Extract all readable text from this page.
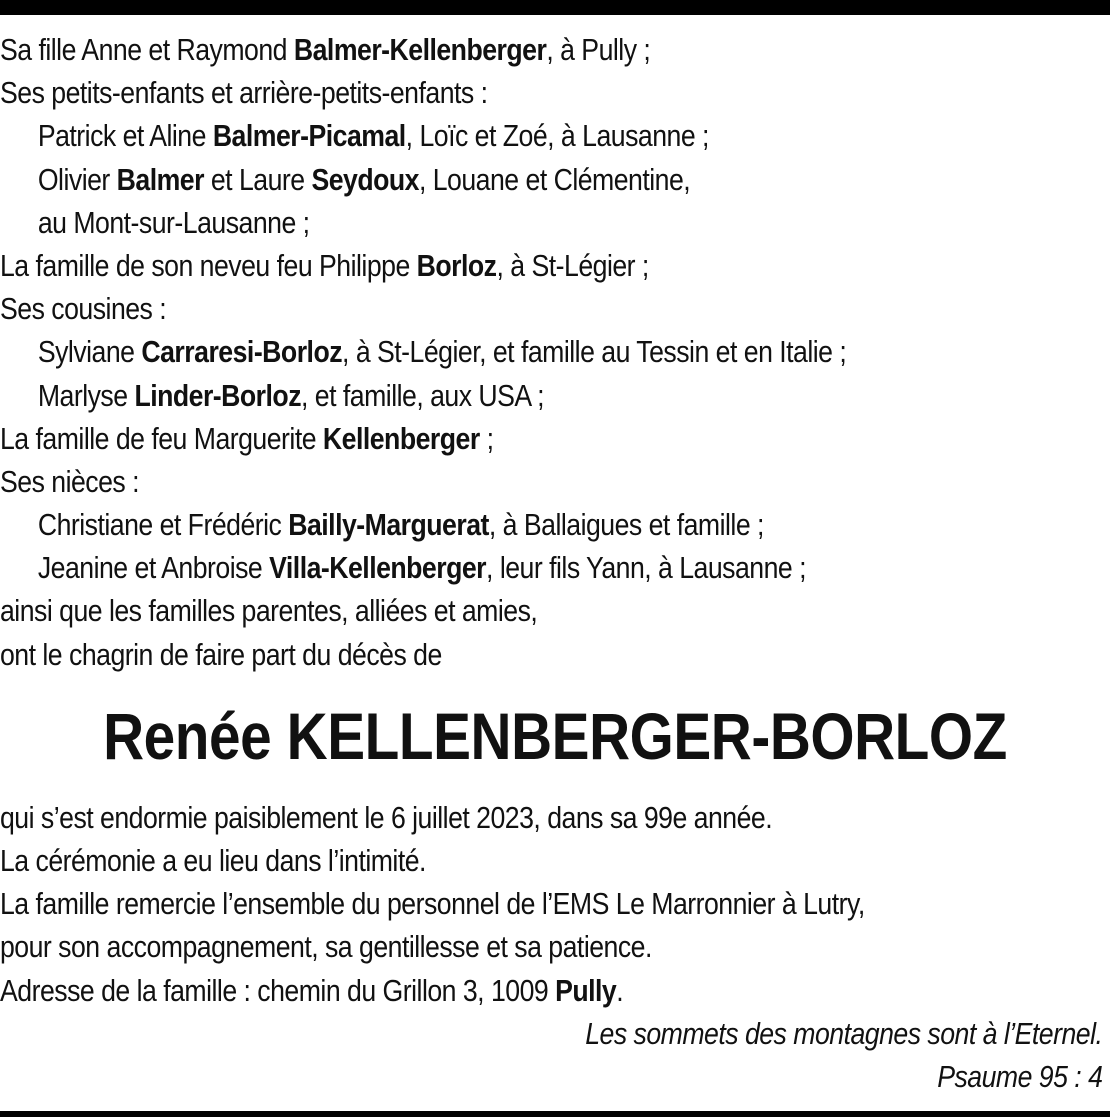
Sa fille Anne et Raymond Balmer-Kellenberger, à Pully ;
Ses petits-enfants et arrière-petits-enfants :
Patrick et Aline Balmer-Picamal, Loïc et Zoé, à Lausanne ;
Olivier Balmer et Laure Seydoux, Louane et Clémentine,
au Mont-sur-Lausanne ;
La famille de son neveu feu Philippe Borloz, à St-Légier ;
Ses cousines :
Sylviane Carraresi-Borloz, à St-Légier, et famille au Tessin et en Italie ;
Marlyse Linder-Borloz, et famille, aux USA ;
La famille de feu Marguerite Kellenberger ;
Ses nièces :
Christiane et Frédéric Bailly-Marguerat, à Ballaigues et famille ;
Jeanine et Anbroise Villa-Kellenberger, leur fils Yann, à Lausanne ;
ainsi que les familles parentes, alliées et amies,
ont le chagrin de faire part du décès de
Renée KELLENBERGER-BORLOZ
qui s’est endormie paisiblement le 6 juillet 2023, dans sa 99e année.
La cérémonie a eu lieu dans l’intimité.
La famille remercie l’ensemble du personnel de l’EMS Le Marronnier à Lutry,
pour son accompagnement, sa gentillesse et sa patience.
Adresse de la famille : chemin du Grillon 3, 1009 Pully.
Les sommets des montagnes sont à l’Eternel.
Psaume 95 : 4
